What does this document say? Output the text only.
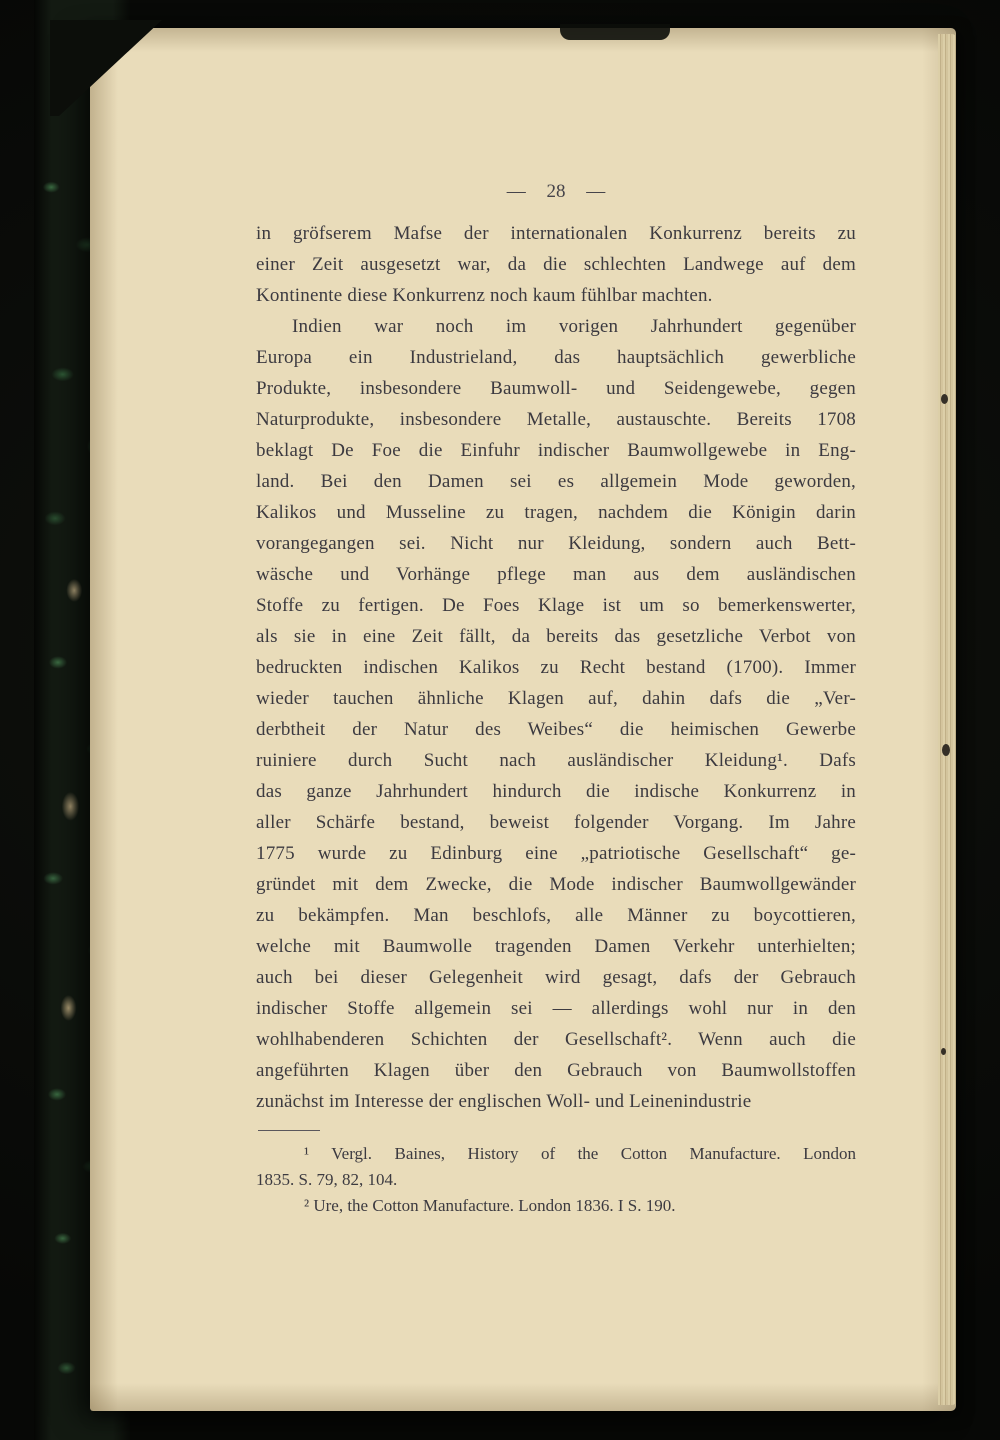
— 28 —
in gröfserem Mafse der internationalen Konkurrenz bereits zu
einer Zeit ausgesetzt war, da die schlechten Landwege auf dem
Kontinente diese Konkurrenz noch kaum fühlbar machten.
Indien war noch im vorigen Jahrhundert gegenüber
Europa ein Industrieland, das hauptsächlich gewerbliche
Produkte, insbesondere Baumwoll- und Seidengewebe, gegen
Naturprodukte, insbesondere Metalle, austauschte. Bereits 1708
beklagt De Foe die Einfuhr indischer Baumwollgewebe in Eng-
land. Bei den Damen sei es allgemein Mode geworden,
Kalikos und Musseline zu tragen, nachdem die Königin darin
vorangegangen sei. Nicht nur Kleidung, sondern auch Bett-
wäsche und Vorhänge pflege man aus dem ausländischen
Stoffe zu fertigen. De Foes Klage ist um so bemerkenswerter,
als sie in eine Zeit fällt, da bereits das gesetzliche Verbot von
bedruckten indischen Kalikos zu Recht bestand (1700). Immer
wieder tauchen ähnliche Klagen auf, dahin dafs die „Ver-
derbtheit der Natur des Weibes“ die heimischen Gewerbe
ruiniere durch Sucht nach ausländischer Kleidung¹. Dafs
das ganze Jahrhundert hindurch die indische Konkurrenz in
aller Schärfe bestand, beweist folgender Vorgang. Im Jahre
1775 wurde zu Edinburg eine „patriotische Gesellschaft“ ge-
gründet mit dem Zwecke, die Mode indischer Baumwollgewänder
zu bekämpfen. Man beschlofs, alle Männer zu boycottieren,
welche mit Baumwolle tragenden Damen Verkehr unterhielten;
auch bei dieser Gelegenheit wird gesagt, dafs der Gebrauch
indischer Stoffe allgemein sei — allerdings wohl nur in den
wohlhabenderen Schichten der Gesellschaft². Wenn auch die
angeführten Klagen über den Gebrauch von Baumwollstoffen
zunächst im Interesse der englischen Woll- und Leinenindustrie
¹ Vergl. Baines, History of the Cotton Manufacture. London
1835. S. 79, 82, 104.
² Ure, the Cotton Manufacture. London 1836. I S. 190.
